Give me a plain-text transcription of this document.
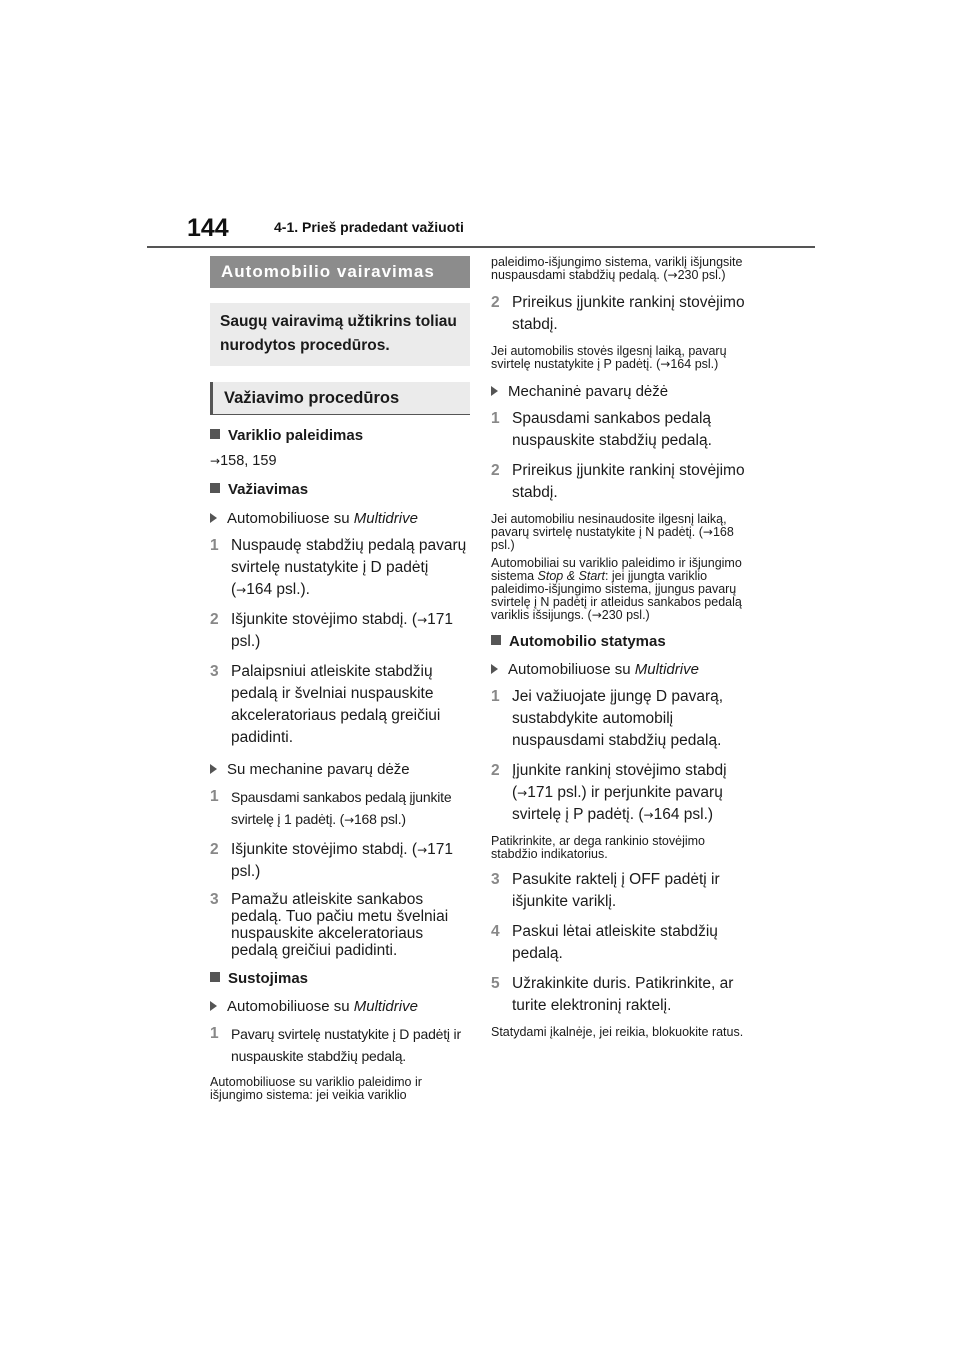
144	4-1. Prieš pradedant važiuoti
Automobilio vairavimas
Saugų vairavimą užtikrins toliau nurodytos procedūros.
Važiavimo procedūros
Variklio paleidimas
→158, 159
Važiavimas
Automobiliuose su Multidrive
1 Nuspaudę stabdžių pedalą pavarų svirtelę nustatykite į D padėtį (→164 psl.).
2 Išjunkite stovėjimo stabdį. (→171 psl.)
3 Palaipsniui atleiskite stabdžių pedalą ir švelniai nuspauskite akceleratoriaus pedalą greičiui padidinti.
Su mechanine pavarų dėže
1 Spausdami sankabos pedalą įjunkite svirtelę į 1 padėtį. (→168 psl.)
2 Išjunkite stovėjimo stabdį. (→171 psl.)
3 Pamažu atleiskite sankabos pedalą. Tuo pačiu metu švelniai nuspauskite akceleratoriaus pedalą greičiui padidinti.
Sustojimas
Automobiliuose su Multidrive
1 Pavarų svirtelę nustatykite į D padėtį ir nuspauskite stabdžių pedalą.
Automobiliuose su variklio paleidimo ir išjungimo sistema: jei veikia variklio
paleidimo-išjungimo sistema, variklį išjungsite nuspausdami stabdžių pedalą. (→230 psl.)
2 Prireikus įjunkite rankinį stovėjimo stabdį.
Jei automobilis stovės ilgesnį laiką, pavarų svirtelę nustatykite į P padėtį. (→164 psl.)
Mechaninė pavarų dėžė
1 Spausdami sankabos pedalą nuspauskite stabdžių pedalą.
2 Prireikus įjunkite rankinį stovėjimo stabdį.
Jei automobiliu nesinaudosite ilgesnį laiką, pavarų svirtelę nustatykite į N padėtį. (→168 psl.)
Automobiliai su variklio paleidimo ir išjungimo sistema Stop & Start: jei įjungta variklio paleidimo-išjungimo sistema, įjungus pavarų svirtelę į N padėtį ir atleidus sankabos pedalą variklis išsijungs. (→230 psl.)
Automobilio statymas
Automobiliuose su Multidrive
1 Jei važiuojate įjungę D pavarą, sustabdykite automobilį nuspausdami stabdžių pedalą.
2 Įjunkite rankinį stovėjimo stabdį (→171 psl.) ir perjunkite pavarų svirtelę į P padėtį. (→164 psl.)
Patikrinkite, ar dega rankinio stovėjimo stabdžio indikatorius.
3 Pasukite raktelį į OFF padėtį ir išjunkite variklį.
4 Paskui lėtai atleiskite stabdžių pedalą.
5 Užrakinkite duris. Patikrinkite, ar turite elektroninį raktelį.
Statydami įkalnėje, jei reikia, blokuokite ratus.
